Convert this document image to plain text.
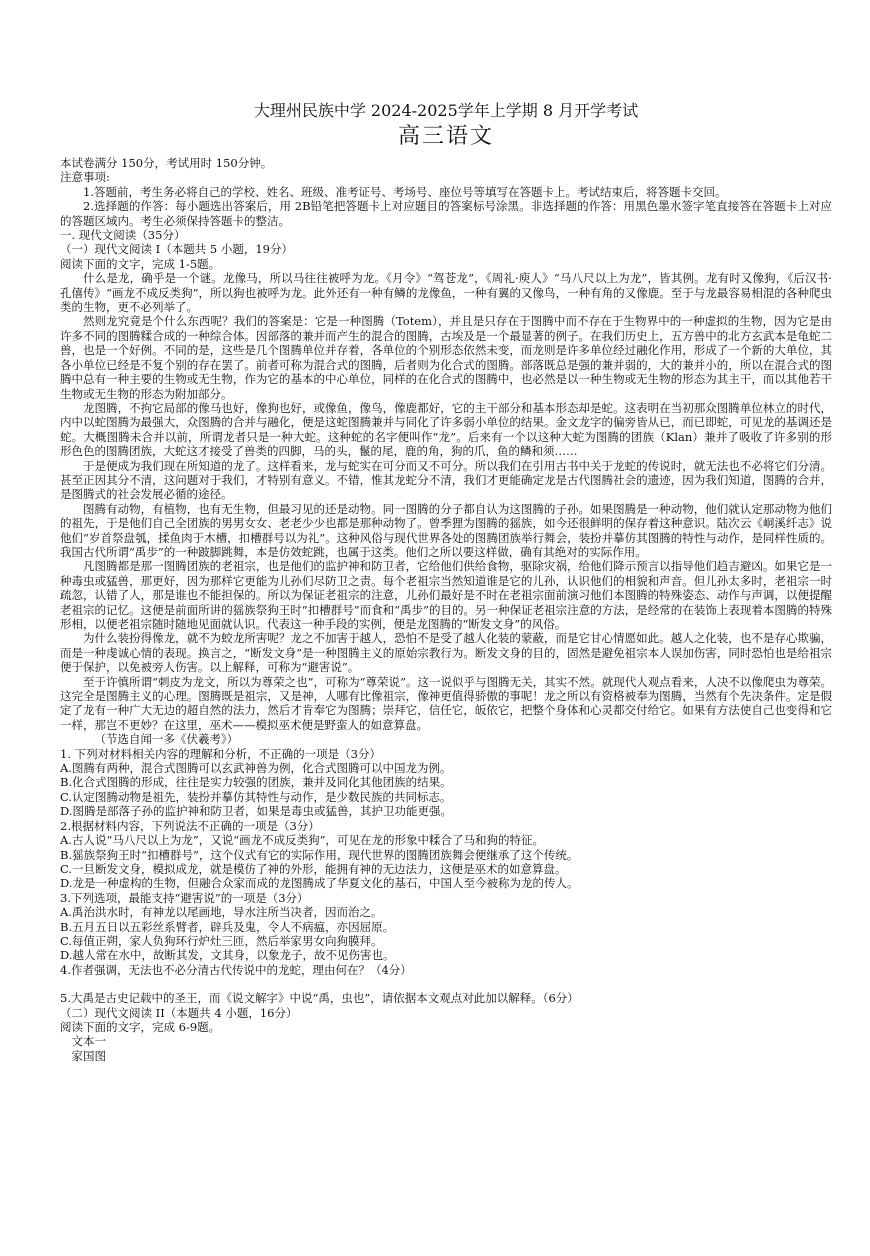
大理州民族中学 2024-2025学年上学期 8 月开学考试

高三语文

本试卷满分 150分，考试用时 150分钟。

注意事项:

1.答题前，考生务必将自己的学校、姓名、班级、准考证号、考场号、座位号等填写在答题卡上。考试结束后，将答题卡交回。

2.选择题的作答：每小题选出答案后，用 2B铅笔把答题卡上对应题目的答案标号涂黑。非选择题的作答：用黑色墨水签字笔直接答在答题卡上对应的答题区域内。考生必须保持答题卡的整洁。

一. 现代文阅读（35分）

（一）现代文阅读 I（本题共 5 小题，19分）

阅读下面的文字，完成 1-5题。

什么是龙，确乎是一个谜。龙像马，所以马往往被呼为龙。《月令》“驾苍龙”，《周礼·庾人》“马八尺以上为龙”，皆其例。龙有时又像狗，《后汉书·孔僖传》“画龙不成反类狗”，所以狗也被呼为龙。此外还有一种有鳞的龙像鱼，一种有翼的又像鸟，一种有角的又像鹿。至于与龙最容易相混的各种爬虫类的生物，更不必列举了。

然则龙究竟是个什么东西呢？我们的答案是：它是一种图腾（Totem），并且是只存在于图腾中而不存在于生物界中的一种虚拟的生物，因为它是由许多不同的图腾糅合成的一种综合体。因部落的兼并而产生的混合的图腾，古埃及是一个最显著的例子。在我们历史上，五方兽中的北方玄武本是龟蛇二兽，也是一个好例。不同的是，这些是几个图腾单位并存着，各单位的个别形态依然未变，而龙则是许多单位经过融化作用，形成了一个新的大单位，其各小单位已经是不复个别的存在罢了。前者可称为混合式的图腾，后者则为化合式的图腾。部落既总是强的兼并弱的，大的兼并小的，所以在混合式的图腾中总有一种主要的生物或无生物，作为它的基本的中心单位，同样的在化合式的图腾中，也必然是以一种生物或无生物的形态为其主干，而以其他若干生物或无生物的形态为附加部分。

龙图腾，不拘它局部的像马也好，像狗也好，或像鱼，像鸟，像鹿都好，它的主干部分和基本形态却是蛇。这表明在当初那众图腾单位林立的时代，内中以蛇图腾为最强大，众图腾的合并与融化，便是这蛇图腾兼并与同化了许多弱小单位的结果。金文龙字的偏旁皆从已，而已即蛇，可见龙的基调还是蛇。大概图腾未合并以前，所谓龙者只是一种大蛇。这种蛇的名字便叫作“龙”。后来有一个以这种大蛇为图腾的团族（Klan）兼并了吸收了许多别的形形色色的图腾团族，大蛇这才接受了兽类的四脚，马的头，鬣的尾，鹿的角，狗的爪，鱼的鳞和须……

于是便成为我们现在所知道的龙了。这样看来，龙与蛇实在可分而又不可分。所以我们在引用古书中关于龙蛇的传说时，就无法也不必将它们分清。甚至正因其分不清，这问题对于我们，才特别有意义。不错，惟其龙蛇分不清，我们才更能确定龙是古代图腾社会的遗迹，因为我们知道，图腾的合并，是图腾式的社会发展必循的途径。

图腾有动物，有植物，也有无生物，但最习见的还是动物。同一图腾的分子都自认为这图腾的子孙。如果图腾是一种动物，他们就认定那动物为他们的祖先，于是他们自己全团族的男男女女、老老少少也都是那种动物了。曾季狸为图腾的猺族，如今还很鲜明的保存着这种意识。陆次云《峒溪纤志》说他们“岁首祭盘瓠，揉鱼肉于木槽，扣槽群号以为礼”。这种风俗与现代世界各处的图腾团族举行舞会，装扮并摹仿其图腾的特性与动作，是同样性质的。我国古代所谓“禹步”的一种跛脚跳舞，本是仿效蛇跳，也属于这类。他们之所以要这样做，确有其绝对的实际作用。

凡图腾都是那一图腾团族的老祖宗，也是他们的监护神和防卫者，它给他们供给食物，驱除灾祸，给他们降示预言以指导他们趋吉避凶。如果它是一种毒虫或猛兽，那更好，因为那样它更能为儿孙们尽防卫之责。每个老祖宗当然知道谁是它的儿孙，认识他们的相貌和声音。但儿孙太多时，老祖宗一时疏忽，认错了人，那是谁也不能担保的。所以为保证老祖宗的注意，儿孙们最好是不时在老祖宗面前演习他们本图腾的特殊姿态、动作与声调，以便提醒老祖宗的记忆。这便是前面所讲的猺族祭狗王时“扣槽群号”而食和“禹步”的目的。另一种保证老祖宗注意的方法，是经常的在装饰上表现着本图腾的特殊形相，以便老祖宗随时随地见面就认识。代表这一种手段的实例，便是龙图腾的“断发文身”的风俗。

为什么装扮得像龙，就不为蛟龙所害呢？龙之不加害于越人，恐怕不是受了越人化装的蒙蔽，而是它甘心情愿如此。越人之化装，也不是存心欺骗，而是一种虔诚心情的表现。换言之，“断发文身”是一种图腾主义的原始宗教行为。断发文身的目的，固然是避免祖宗本人误加伤害，同时恐怕也是给祖宗便于保护，以免被旁人伤害。以上解释，可称为“避害说”。

至于许慎所谓“刺皮为龙文，所以为尊荣之也”，可称为“尊荣说”。这一说似乎与图腾无关，其实不然。就现代人观点看来，人决不以像爬虫为尊荣。这完全是图腾主义的心理。图腾既是祖宗，又是神，人哪有比像祖宗，像神更值得骄傲的事呢！龙之所以有资格被奉为图腾，当然有个先决条件。定是假定了龙有一种广大无边的超自然的法力，然后才肯奉它为图腾；崇拜它，信任它，皈依它，把整个身体和心灵都交付给它。如果有方法使自己也变得和它一样，那岂不更妙？在这里，巫术——模拟巫术便是野蛮人的如意算盘。

（节选自闻一多《伏羲考》）

1. 下列对材料相关内容的理解和分析，不正确的一项是（3分）

A.图腾有两种，混合式图腾可以玄武神兽为例，化合式图腾可以中国龙为例。

B.化合式图腾的形成，往往是实力较强的团族，兼并及同化其他团族的结果。

C.认定图腾动物是祖先，装扮并摹仿其特性与动作，是少数民族的共同标志。

D.图腾是部落子孙的监护神和防卫者，如果是毒虫或猛兽，其护卫功能更强。

2.根据材料内容，下列说法不正确的一项是（3分）

A.古人说“马八尺以上为龙”，又说“画龙不成反类狗”，可见在龙的形象中糅合了马和狗的特征。

B.猺族祭狗王时“扣槽群号”，这个仪式有它的实际作用，现代世界的图腾团族舞会便继承了这个传统。

C.一旦断发文身，模拟成龙，就是模仿了神的外形，能拥有神的无边法力，这便是巫术的如意算盘。

D.龙是一种虚构的生物，但融合众家而成的龙图腾成了华夏文化的基石，中国人至今被称为龙的传人。

3.下列选项，最能支持“避害说”的一项是（3分）

A.禹治洪水时，有神龙以尾画地，导水注所当决者，因而治之。

B.五月五日以五彩丝系臂者，辟兵及鬼，令人不病瘟，亦因屈原。

C.每值正朔，家人负狗环行炉灶三匝，然后举家男女向狗膜拜。

D.越人常在水中，故断其发，文其身，以象龙子，故不见伤害也。

4.作者强调，无法也不必分清古代传说中的龙蛇，理由何在？（4分）

5.大禹是古史记载中的圣王，而《说文解字》中说“禹，虫也”，请依据本文观点对此加以解释。（6分）

（二）现代文阅读 II（本题共 4 小题，16分）

阅读下面的文字，完成 6-9题。

文本一

家国图
